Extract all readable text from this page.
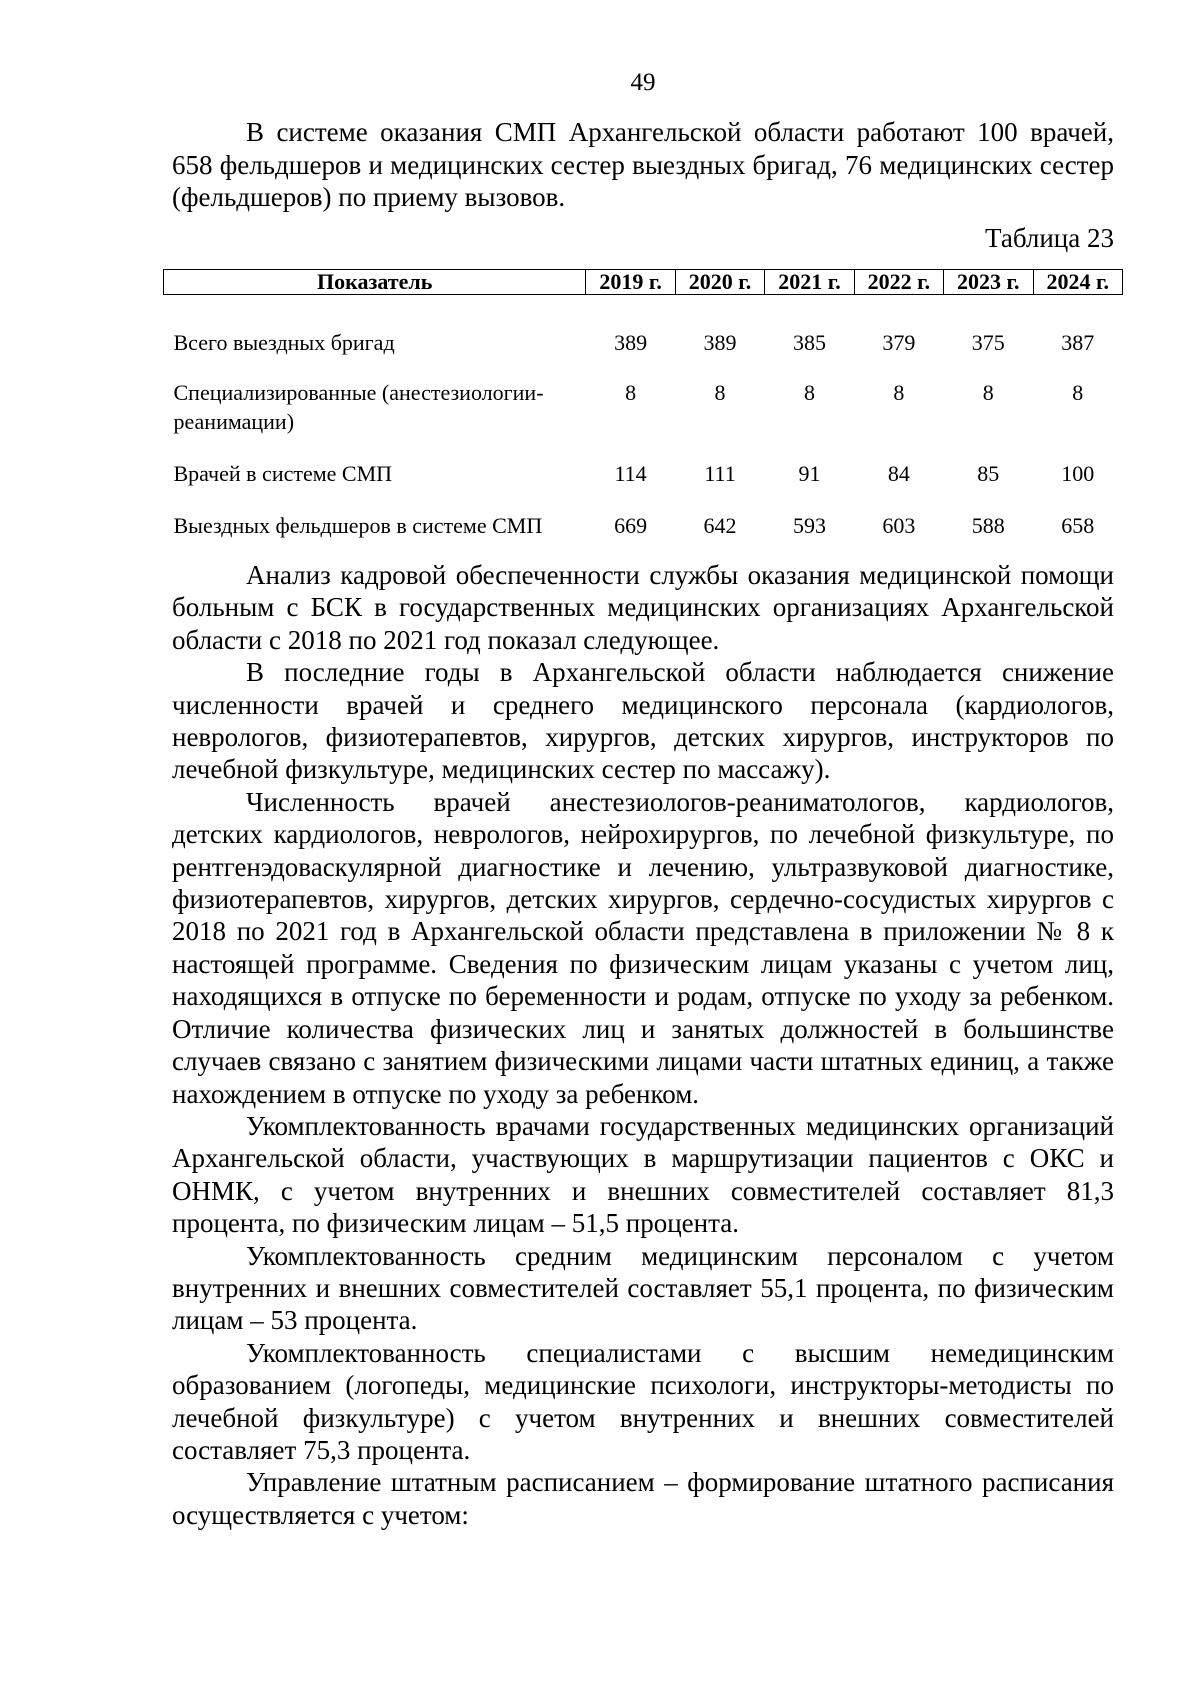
49

В системе оказания СМП Архангельской области работают 100 врачей, 658 фельдшеров и медицинских сестер выездных бригад, 76 медицинских сестер (фельдшеров) по приему вызовов.

Таблица 23
Показатель	2019 г.	2020 г.	2021 г.	2022 г.	2023 г.	2024 г.
Всего выездных бригад	389	389	385	379	375	387
Специализированные (анестезиологии-реанимации)	8	8	8	8	8	8
Врачей в системе СМП	114	111	91	84	85	100
Выездных фельдшеров в системе СМП	669	642	593	603	588	658

Анализ кадровой обеспеченности службы оказания медицинской помощи больным с БСК в государственных медицинских организациях Архангельской области с 2018 по 2021 год показал следующее.

В последние годы в Архангельской области наблюдается снижение численности врачей и среднего медицинского персонала (кардиологов, неврологов, физиотерапевтов, хирургов, детских хирургов, инструкторов по лечебной физкультуре, медицинских сестер по массажу).

Численность врачей анестезиологов-реаниматологов, кардиологов, детских кардиологов, неврологов, нейрохирургов, по лечебной физкультуре, по рентгенэдоваскулярной диагностике и лечению, ультразвуковой диагностике, физиотерапевтов, хирургов, детских хирургов, сердечно-сосудистых хирургов с 2018 по 2021 год в Архангельской области представлена в приложении № 8 к настоящей программе. Сведения по физическим лицам указаны с учетом лиц, находящихся в отпуске по беременности и родам, отпуске по уходу за ребенком. Отличие количества физических лиц и занятых должностей в большинстве случаев связано с занятием физическими лицами части штатных единиц, а также нахождением в отпуске по уходу за ребенком.

Укомплектованность врачами государственных медицинских организаций Архангельской области, участвующих в маршрутизации пациентов с ОКС и ОНМК, с учетом внутренних и внешних совместителей составляет 81,3 процента, по физическим лицам – 51,5 процента.

Укомплектованность средним медицинским персоналом с учетом внутренних и внешних совместителей составляет 55,1 процента, по физическим лицам – 53 процента.

Укомплектованность специалистами с высшим немедицинским образованием (логопеды, медицинские психологи, инструкторы-методисты по лечебной физкультуре) с учетом внутренних и внешних совместителей составляет 75,3 процента.

Управление штатным расписанием – формирование штатного расписания осуществляется с учетом:
